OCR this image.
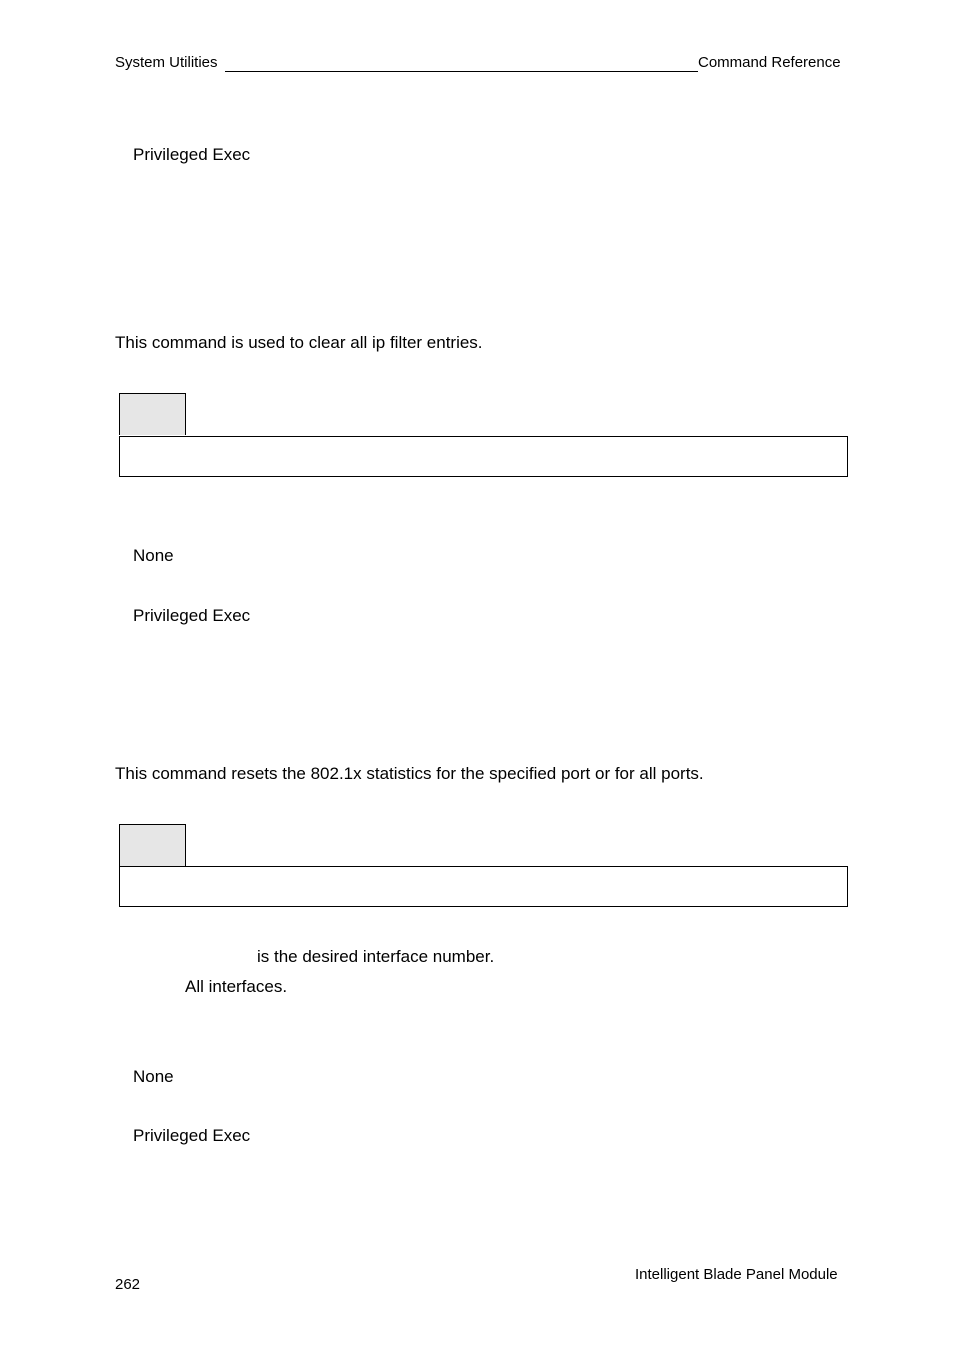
System Utilities	Command Reference
Privileged Exec
This command is used to clear all ip filter entries.
None
Privileged Exec
This command resets the 802.1x statistics for the specified port or for all ports.
is the desired interface number.
All interfaces.
None
Privileged Exec
262
Intelligent Blade Panel Module
